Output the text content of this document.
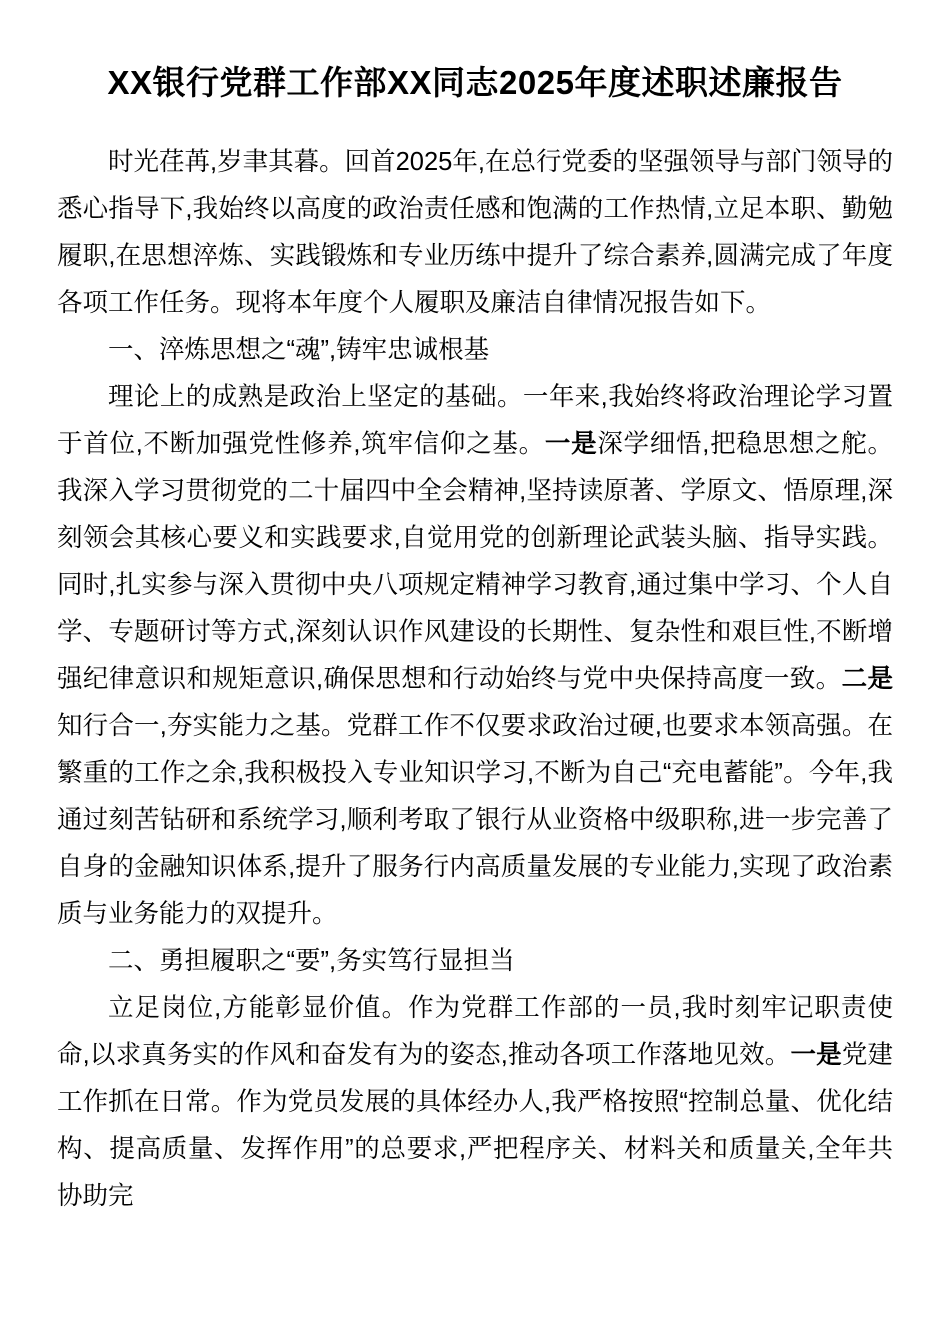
XX银行党群工作部XX同志2025年度述职述廉报告

时光荏苒,岁聿其暮。回首2025年,在总行党委的坚强领导与部门领导的悉心指导下,我始终以高度的政治责任感和饱满的工作热情,立足本职、勤勉履职,在思想淬炼、实践锻炼和专业历练中提升了综合素养,圆满完成了年度各项工作任务。现将本年度个人履职及廉洁自律情况报告如下。

一、淬炼思想之“魂”,铸牢忠诚根基

理论上的成熟是政治上坚定的基础。一年来,我始终将政治理论学习置于首位,不断加强党性修养,筑牢信仰之基。一是深学细悟,把稳思想之舵。我深入学习贯彻党的二十届四中全会精神,坚持读原著、学原文、悟原理,深刻领会其核心要义和实践要求,自觉用党的创新理论武装头脑、指导实践。同时,扎实参与深入贯彻中央八项规定精神学习教育,通过集中学习、个人自学、专题研讨等方式,深刻认识作风建设的长期性、复杂性和艰巨性,不断增强纪律意识和规矩意识,确保思想和行动始终与党中央保持高度一致。二是知行合一,夯实能力之基。党群工作不仅要求政治过硬,也要求本领高强。在繁重的工作之余,我积极投入专业知识学习,不断为自己“充电蓄能”。今年,我通过刻苦钻研和系统学习,顺利考取了银行从业资格中级职称,进一步完善了自身的金融知识体系,提升了服务行内高质量发展的专业能力,实现了政治素质与业务能力的双提升。

二、勇担履职之“要”,务实笃行显担当

立足岗位,方能彰显价值。作为党群工作部的一员,我时刻牢记职责使命,以求真务实的作风和奋发有为的姿态,推动各项工作落地见效。一是党建工作抓在日常。作为党员发展的具体经办人,我严格按照“控制总量、优化结构、提高质量、发挥作用”的总要求,严把程序关、材料关和质量关,全年共协助完
